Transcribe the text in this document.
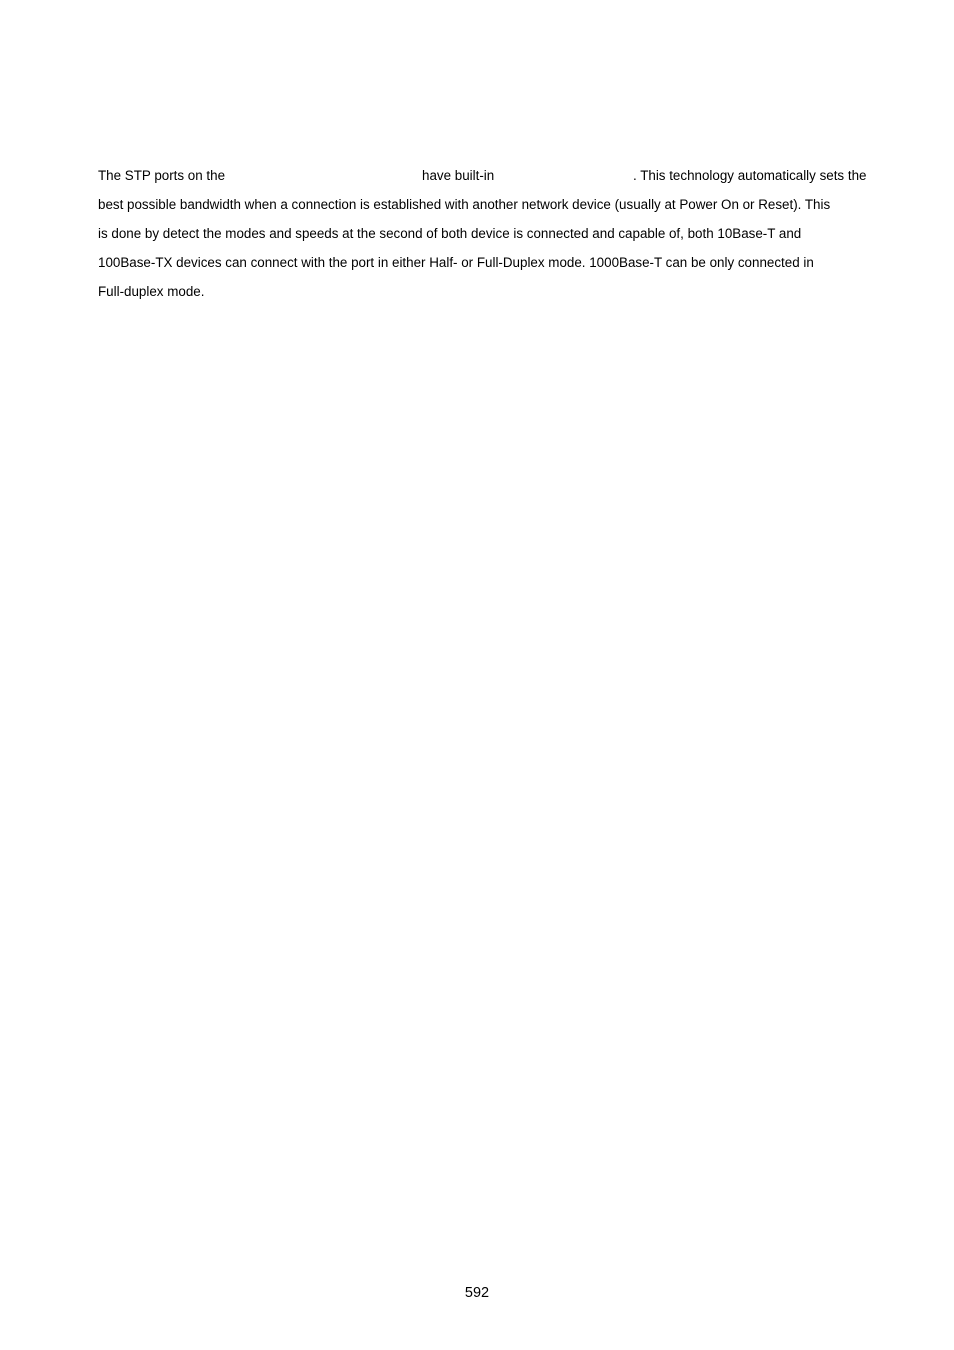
The STP ports on the	have built-in	. This technology automatically sets the
best possible bandwidth when a connection is established with another network device (usually at Power On or Reset). This
is done by detect the modes and speeds at the second of both device is connected and capable of, both 10Base-T and
100Base-TX devices can connect with the port in either Half- or Full-Duplex mode. 1000Base-T can be only connected in
Full-duplex mode.
592
